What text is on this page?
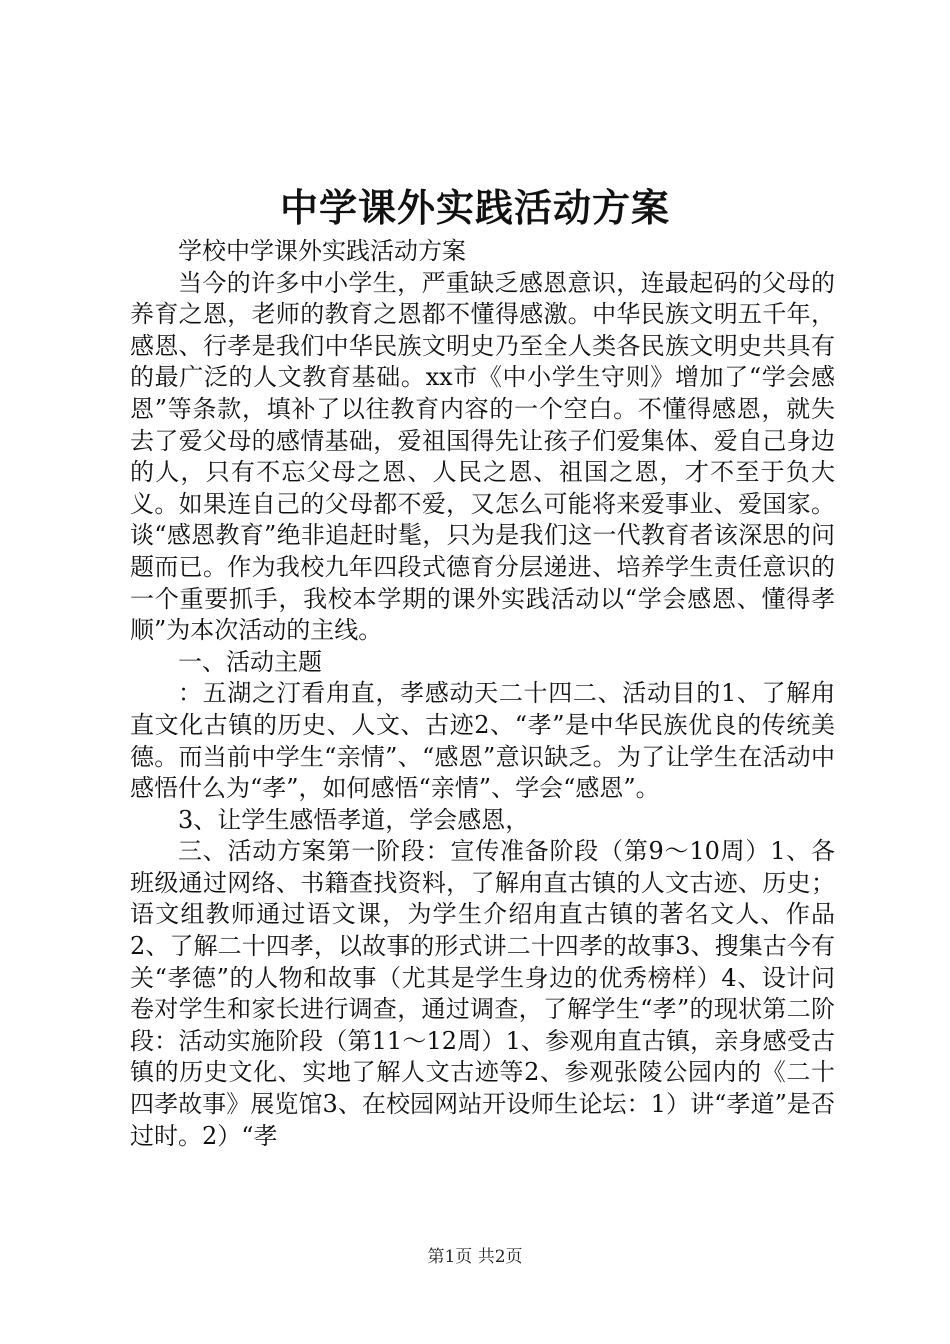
中学课外实践活动方案

学校中学课外实践活动方案

当今的许多中小学生，严重缺乏感恩意识，连最起码的父母的养育之恩，老师的教育之恩都不懂得感激。中华民族文明五千年，感恩、行孝是我们中华民族文明史乃至全人类各民族文明史共具有的最广泛的人文教育基础。xx市《中小学生守则》增加了“学会感恩”等条款，填补了以往教育内容的一个空白。不懂得感恩，就失去了爱父母的感情基础，爱祖国得先让孩子们爱集体、爱自己身边的人，只有不忘父母之恩、人民之恩、祖国之恩，才不至于负大义。如果连自己的父母都不爱，又怎么可能将来爱事业、爱国家。谈“感恩教育”绝非追赶时髦，只为是我们这一代教育者该深思的问题而已。作为我校九年四段式德育分层递进、培养学生责任意识的一个重要抓手，我校本学期的课外实践活动以“学会感恩、懂得孝顺”为本次活动的主线。

一、活动主题

：五湖之汀看甪直，孝感动天二十四二、活动目的1、了解甪直文化古镇的历史、人文、古迹2、“孝”是中华民族优良的传统美德。而当前中学生“亲情”、“感恩”意识缺乏。为了让学生在活动中感悟什么为“孝”，如何感悟“亲情”、学会“感恩”。

3、让学生感悟孝道，学会感恩，

三、活动方案第一阶段：宣传准备阶段（第9～10周）1、各班级通过网络、书籍查找资料，了解甪直古镇的人文古迹、历史；语文组教师通过语文课，为学生介绍甪直古镇的著名文人、作品2、了解二十四孝，以故事的形式讲二十四孝的故事3、搜集古今有关“孝德”的人物和故事（尤其是学生身边的优秀榜样）4、设计问卷对学生和家长进行调查，通过调查，了解学生“孝”的现状第二阶段：活动实施阶段（第11～12周）1、参观甪直古镇，亲身感受古镇的历史文化、实地了解人文古迹等2、参观张陵公园内的《二十四孝故事》展览馆3、在校园网站开设师生论坛：1）讲“孝道”是否过时。2）“孝

第1页 共2页
